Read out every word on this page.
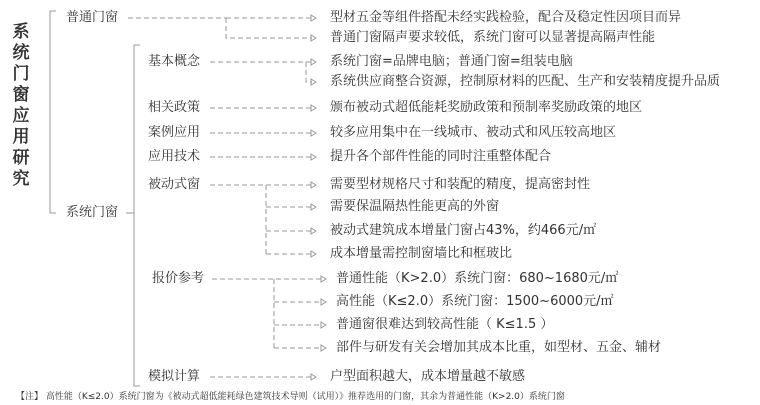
系统门窗应用研究
普通门窗	型材五金等组件搭配未经实践检验，配合及稳定性因项目而异
普通门窗隔声要求较低，系统门窗可以显著提高隔声性能
系统门窗
基本概念	系统门窗=品牌电脑；普通门窗=组装电脑
系统供应商整合资源，控制原材料的匹配、生产和安装精度提升品质
相关政策	颁布被动式超低能耗奖励政策和预制率奖励政策的地区
案例应用	较多应用集中在一线城市、被动式和风压较高地区
应用技术	提升各个部件性能的同时注重整体配合
被动式窗	需要型材规格尺寸和装配的精度，提高密封性
需要保温隔热性能更高的外窗
被动式建筑成本增量门窗占43%，约466元/㎡
成本增量需控制窗墙比和框玻比
报价参考	普通性能（K>2.0）系统门窗：680~1680元/㎡
高性能（K≤2.0）系统门窗：1500~6000元/㎡
普通窗很难达到较高性能（ K≤1.5 ）
部件与研发有关会增加其成本比重，如型材、五金、辅材
模拟计算	户型面积越大，成本增量越不敏感
【注】 高性能（K≤2.0）系统门窗为《被动式超低能耗绿色建筑技术导则（试用）》推荐选用的门窗，其余为普通性能（K>2.0）系统门窗
